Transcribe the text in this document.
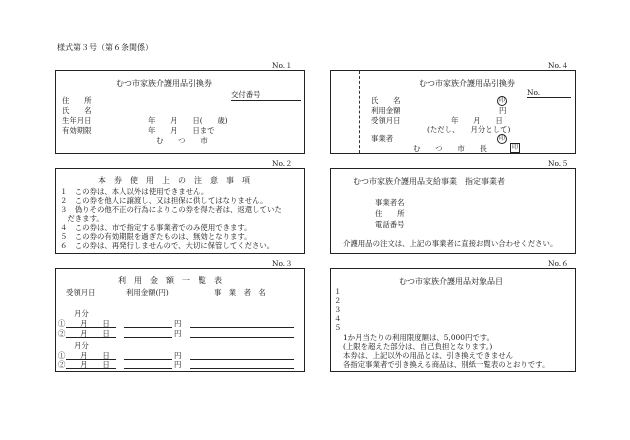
様式第３号（第６条関係）
No.１
むつ市家族介護用品引換券
交付番号
住　　所
氏　　名
生年月日	年　　月　　日(　　歳)
有効期限	年　　月　　日まで
む　　つ　　市
No.４
むつ市家族介護用品引換券
No.
氏　　名	印
利用金額	円
受領月日	年　　月　　日
(ただし、　　月分として)
事業者	印
む　　つ　　市　　長	印
No.２
本　券　使　用　上　の　注　意　事　項
１　この券は、本人以外は使用できません。
２　この券を他人に譲渡し、又は担保に供してはなりません。
３　偽りその他不正の行為によりこの券を得た者は、返還していた
　だきます。
４　この券は、市で指定する事業者でのみ使用できます。
５　この券の有効期限を過ぎたものは、無効となります。
６　この券は、再発行しませんので、大切に保管してください。
No.５
むつ市家族介護用品支給事業　指定事業者
事業者名
住　　所
電話番号
介護用品の注文は、上記の事業者に直接お問い合わせください。
No.３
利　用　金　額　一　覧　表
受領月日	利用金額(円)	事　業　者　名
月分
①　　月　　日	円
②　　月　　日	円
月分
①　　月　　日	円
②　　月　　日	円
No.６
むつ市家族介護用品対象品目
１
２
３
４
５
1か月当たりの利用限度額は、5,000円です。
(上限を超えた部分は、自己負担となります。)
本券は、上記以外の用品とは、引き換えできません
各指定事業者で引き換える商品は、別紙一覧表のとおりです。
